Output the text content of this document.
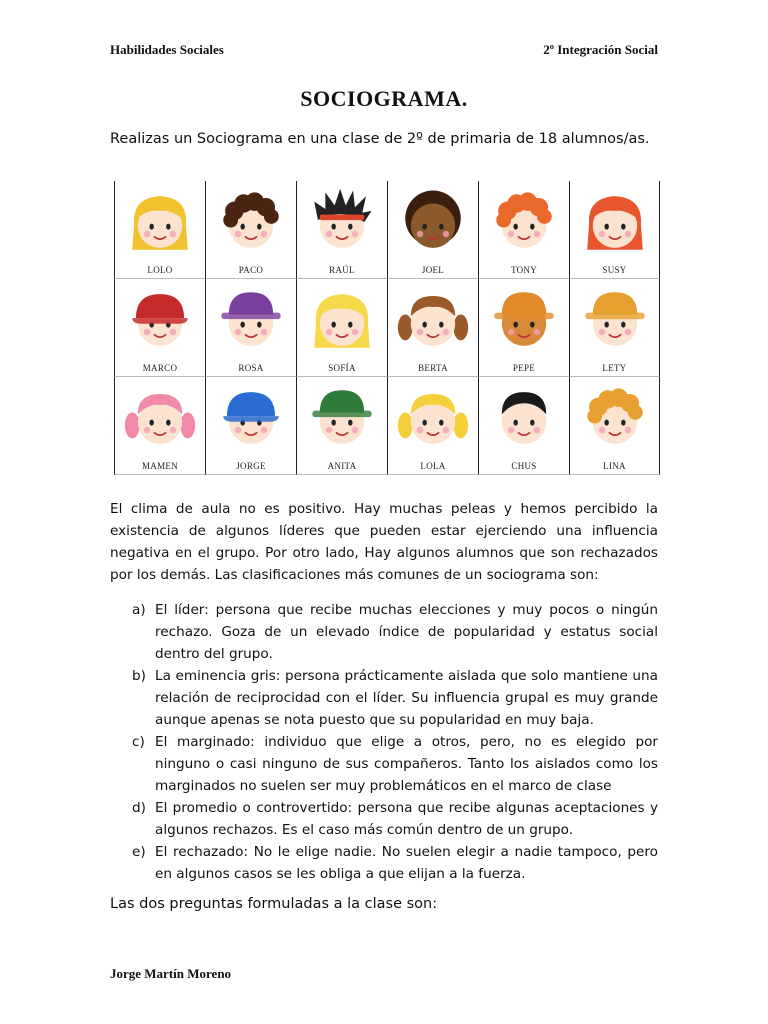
Habilidades Sociales	2º Integración Social
SOCIOGRAMA.
Realizas un Sociograma en una clase de 2º de primaria de 18 alumnos/as.
LOLO	PACO	RAÚL	JOEL	TONY	SUSY
MARCO	ROSA	SOFÍA	BERTA	PEPE	LETY
MAMEN	JORGE	ANITA	LOLA	CHUS	LINA

El clima de aula no es positivo. Hay muchas peleas y hemos percibido la existencia de algunos líderes que pueden estar ejerciendo una influencia negativa en el grupo. Por otro lado, Hay algunos alumnos que son rechazados por los demás. Las clasificaciones más comunes de un sociograma son:

a) El líder: persona que recibe muchas elecciones y muy pocos o ningún rechazo. Goza de un elevado índice de popularidad y estatus social dentro del grupo.
b) La eminencia gris: persona prácticamente aislada que solo mantiene una relación de reciprocidad con el líder. Su influencia grupal es muy grande aunque apenas se nota puesto que su popularidad en muy baja.
c) El marginado: individuo que elige a otros, pero, no es elegido por ninguno o casi ninguno de sus compañeros. Tanto los aislados como los marginados no suelen ser muy problemáticos en el marco de clase
d) El promedio o controvertido: persona que recibe algunas aceptaciones y algunos rechazos. Es el caso más común dentro de un grupo.
e) El rechazado: No le elige nadie. No suelen elegir a nadie tampoco, pero en algunos casos se les obliga a que elijan a la fuerza.

Las dos preguntas formuladas a la clase son:

Jorge Martín Moreno
